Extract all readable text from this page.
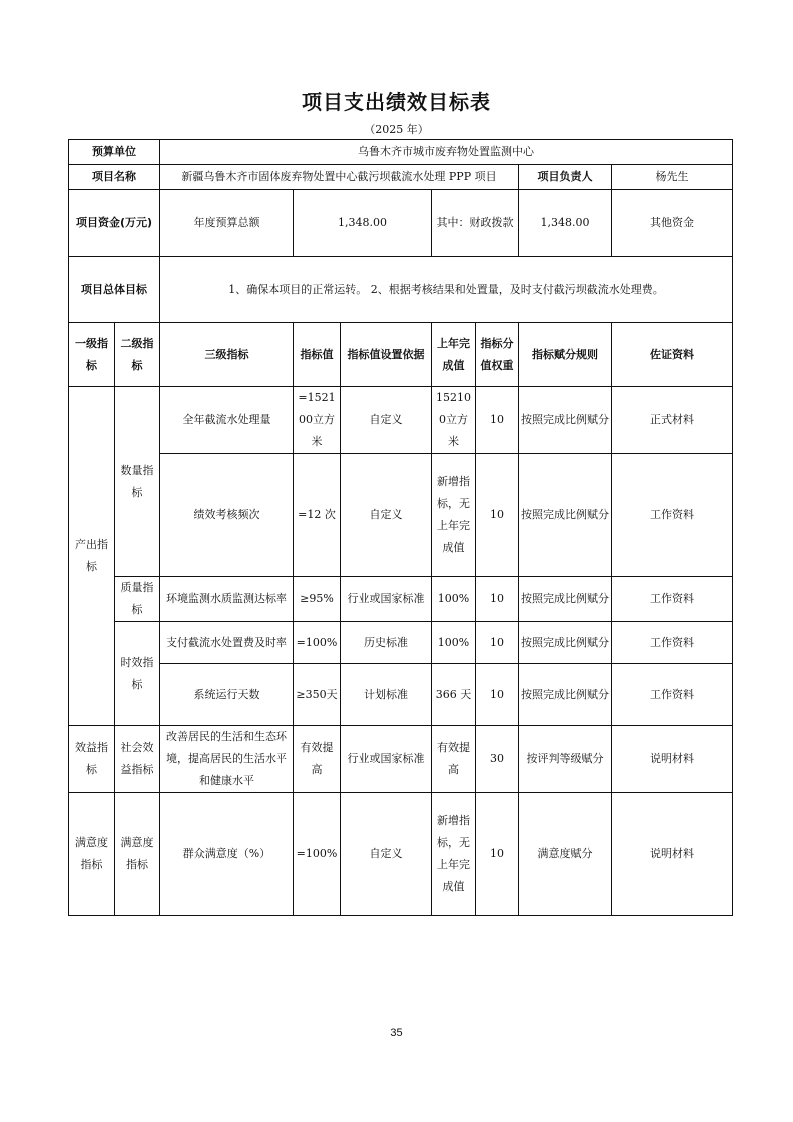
项目支出绩效目标表
（2025 年）
预算单位		乌鲁木齐市城市废弃物处置监测中心							
项目名称		新疆乌鲁木齐市固体废弃物处置中心截污坝截流水处理 PPP 项目					项目负责人	杨先生	
项目资金(万元)		年度预算总额	1,348.00		其中：财政拨款		1,348.00	其他资金	
项目总体目标		1、确保本项目的正常运转。 2、根据考核结果和处置量，及时支付截污坝截流水处理费。							
一级指标	二级指标	三级指标	指标值	指标值设置依据	上年完成值	指标分值权重	指标赋分规则	佐证资料	
产出指标	数量指标	全年截流水处理量	=152100立方米	自定义	152100立方米	10	按照完成比例赋分	正式材料	
		绩效考核频次	=12 次	自定义	新增指标，无上年完成值	10	按照完成比例赋分	工作资料	
	质量指标	环境监测水质监测达标率	≥95%	行业或国家标准	100%	10	按照完成比例赋分	工作资料	
	时效指标	支付截流水处置费及时率	=100%	历史标准	100%	10	按照完成比例赋分	工作资料	
		系统运行天数	≥350天	计划标准	366 天	10	按照完成比例赋分	工作资料	
效益指标	社会效益指标	改善居民的生活和生态环境，提高居民的生活水平和健康水平	有效提高	行业或国家标准	有效提高	30	按评判等级赋分	说明材料	
满意度指标	满意度指标	群众满意度（%）	=100%	自定义	新增指标，无上年完成值	10	满意度赋分	说明材料	
35
